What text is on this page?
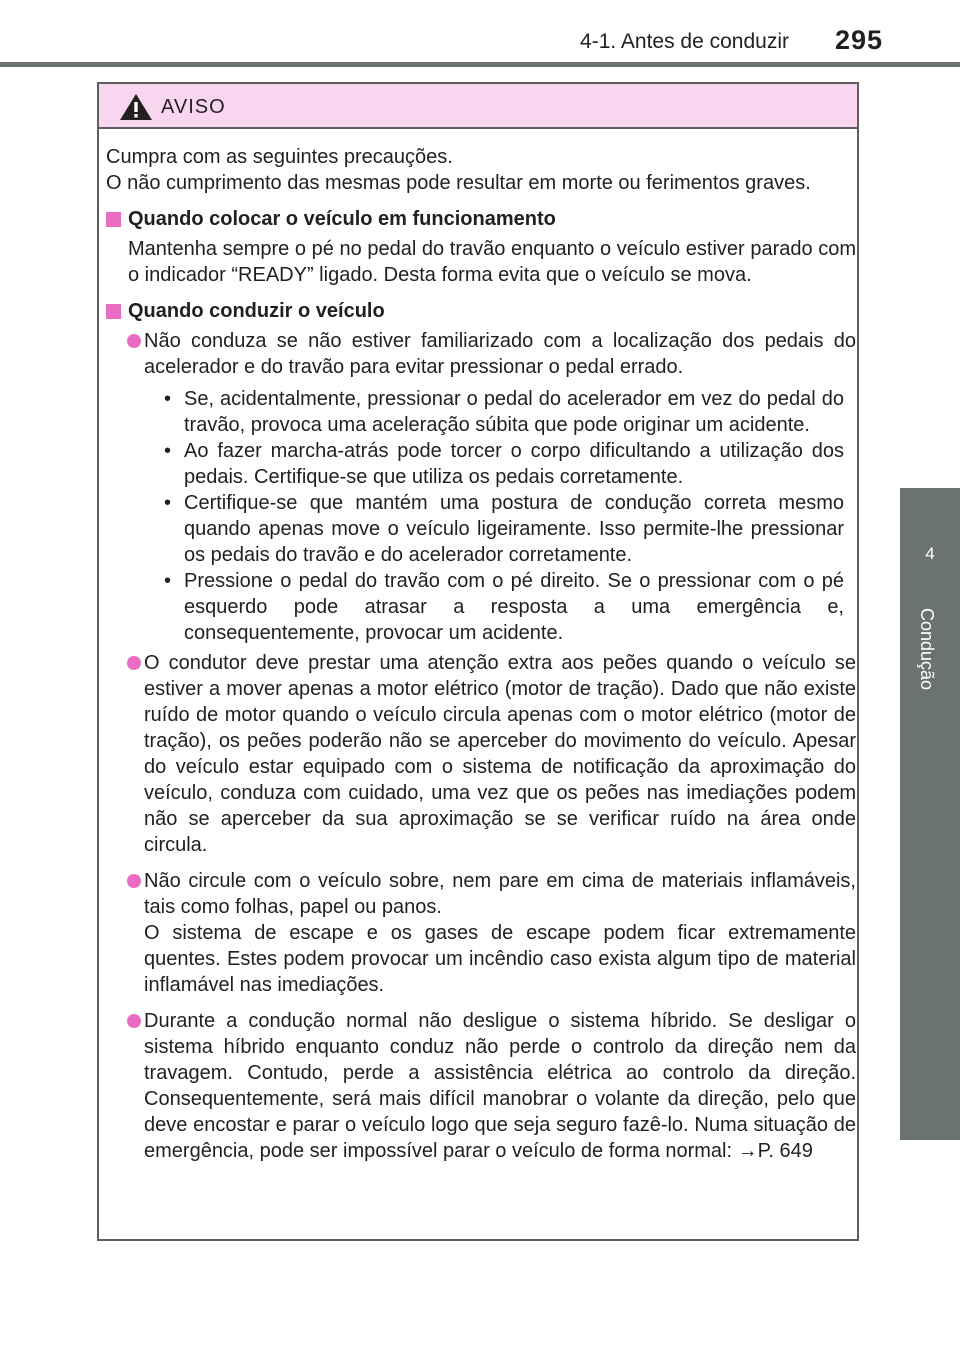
4-1. Antes de conduzir 295
4
Condução
AVISO

Cumpra com as seguintes precauções.

O não cumprimento das mesmas pode resultar em morte ou ferimentos graves.

Quando colocar o veículo em funcionamento

Mantenha sempre o pé no pedal do travão enquanto o veículo estiver parado com o indicador “READY” ligado. Desta forma evita que o veículo se mova.

Quando conduzir o veículo

Não conduza se não estiver familiarizado com a localização dos pedais do acelerador e do travão para evitar pressionar o pedal errado.

• Se, acidentalmente, pressionar o pedal do acelerador em vez do pedal do travão, provoca uma aceleração súbita que pode originar um acidente.

• Ao fazer marcha-atrás pode torcer o corpo dificultando a utilização dos pedais. Certifique-se que utiliza os pedais corretamente.

• Certifique-se que mantém uma postura de condução correta mesmo quando apenas move o veículo ligeiramente. Isso permite-lhe pressionar os pedais do travão e do acelerador corretamente.

• Pressione o pedal do travão com o pé direito. Se o pressionar com o pé esquerdo pode atrasar a resposta a uma emergência e, consequentemente, provocar um acidente.

O condutor deve prestar uma atenção extra aos peões quando o veículo se estiver a mover apenas a motor elétrico (motor de tração). Dado que não existe ruído de motor quando o veículo circula apenas com o motor elétrico (motor de tração), os peões poderão não se aperceber do movimento do veículo. Apesar do veículo estar equipado com o sistema de notificação da aproximação do veículo, conduza com cuidado, uma vez que os peões nas imediações podem não se aperceber da sua aproximação se se verificar ruído na área onde circula.

Não circule com o veículo sobre, nem pare em cima de materiais inflamáveis, tais como folhas, papel ou panos.

O sistema de escape e os gases de escape podem ficar extremamente quentes. Estes podem provocar um incêndio caso exista algum tipo de material inflamável nas imediações.

Durante a condução normal não desligue o sistema híbrido. Se desligar o sistema híbrido enquanto conduz não perde o controlo da direção nem da travagem. Contudo, perde a assistência elétrica ao controlo da direção. Consequentemente, será mais difícil manobrar o volante da direção, pelo que deve encostar e parar o veículo logo que seja seguro fazê-lo. Numa situação de emergência, pode ser impossível parar o veículo de forma normal: →P. 649
